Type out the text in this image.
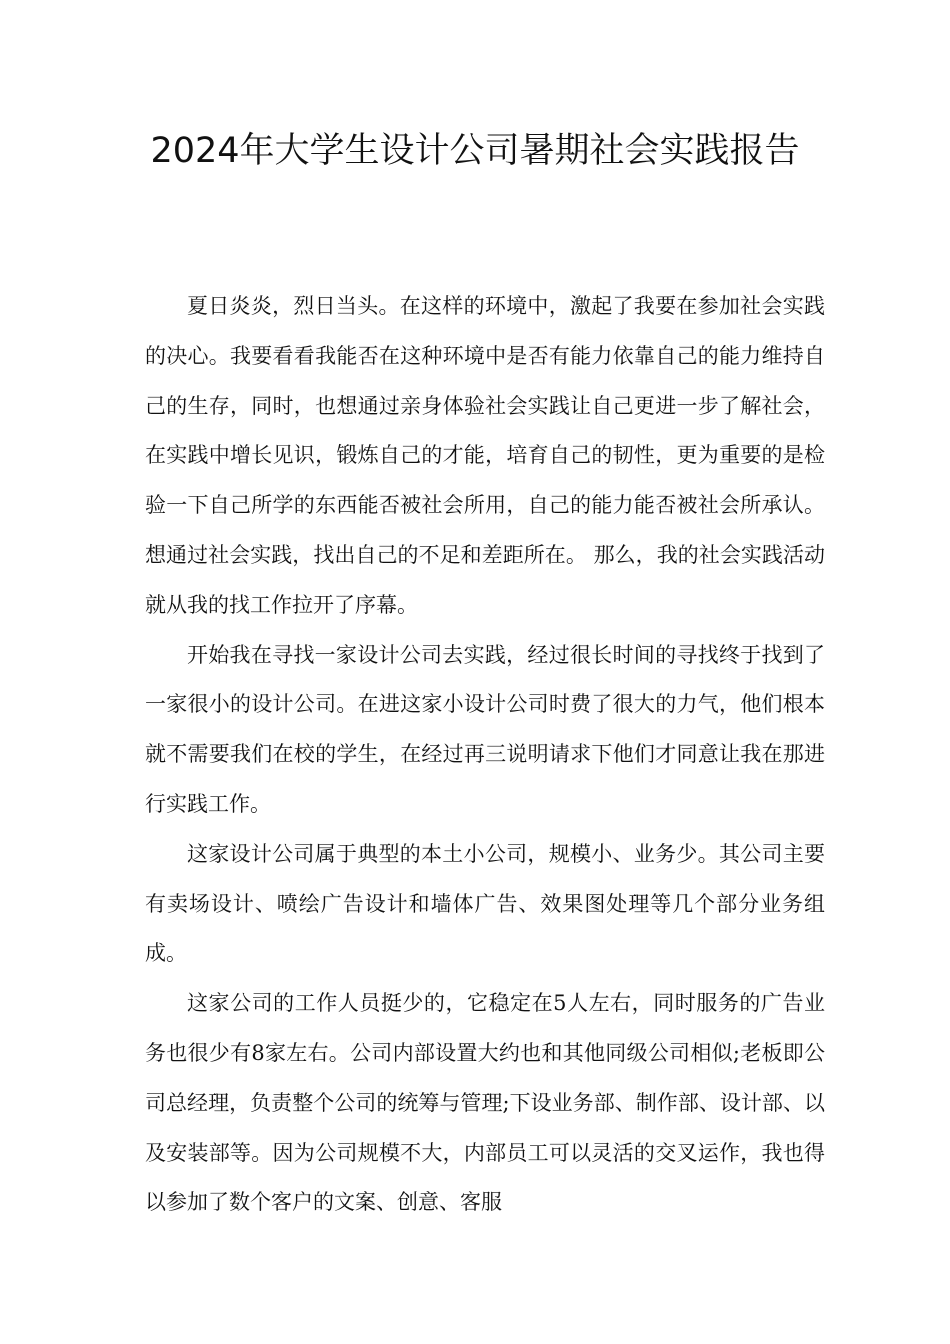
2024年大学生设计公司暑期社会实践报告

夏日炎炎，烈日当头。在这样的环境中，激起了我要在参加社会实践的决心。我要看看我能否在这种环境中是否有能力依靠自己的能力维持自己的生存，同时，也想通过亲身体验社会实践让自己更进一步了解社会，在实践中增长见识，锻炼自己的才能，培育自己的韧性，更为重要的是检验一下自己所学的东西能否被社会所用，自己的能力能否被社会所承认。想通过社会实践，找出自己的不足和差距所在。 那么，我的社会实践活动就从我的找工作拉开了序幕。

开始我在寻找一家设计公司去实践，经过很长时间的寻找终于找到了一家很小的设计公司。在进这家小设计公司时费了很大的力气，他们根本就不需要我们在校的学生，在经过再三说明请求下他们才同意让我在那进行实践工作。

这家设计公司属于典型的本土小公司，规模小、业务少。其公司主要有卖场设计、喷绘广告设计和墙体广告、效果图处理等几个部分业务组成。

这家公司的工作人员挺少的，它稳定在5人左右，同时服务的广告业务也很少有8家左右。公司内部设置大约也和其他同级公司相似;老板即公司总经理，负责整个公司的统筹与管理;下设业务部、制作部、设计部、以及安装部等。因为公司规模不大，内部员工可以灵活的交叉运作，我也得以参加了数个客户的文案、创意、客服
